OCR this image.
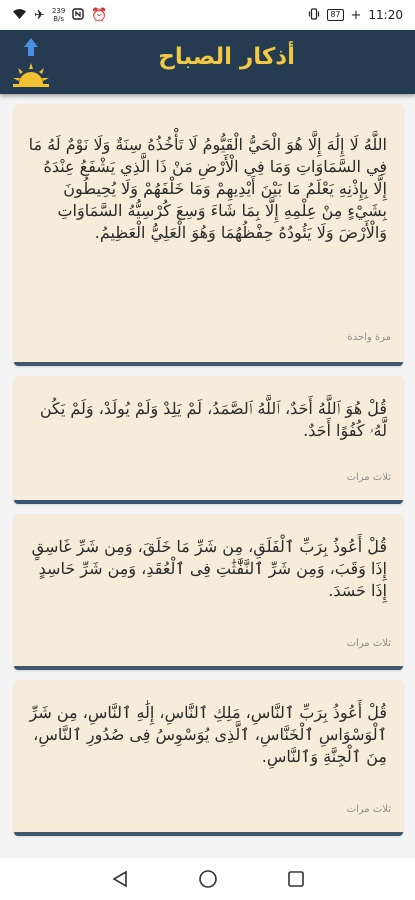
✈ 239
B/s ⏰	87 + 11:20
أذكار الصباح
اللَّهُ لَا إِلَٰهَ إِلَّا هُوَ الْحَيُّ الْقَيُّومُ لَا تَأْخُذُهُ سِنَةٌ وَلَا نَوْمٌ لَهُ مَا فِي السَّمَاوَاتِ وَمَا فِي الْأَرْضِ مَنْ ذَا الَّذِي يَشْفَعُ عِنْدَهُ إِلَّا بِإِذْنِهِ يَعْلَمُ مَا بَيْنَ أَيْدِيهِمْ وَمَا خَلْفَهُمْ وَلَا يُحِيطُونَ بِشَيْءٍ مِنْ عِلْمِهِ إِلَّا بِمَا شَاءَ وَسِعَ كُرْسِيُّهُ السَّمَاوَاتِ وَالْأَرْضَ وَلَا يَئُودُهُ حِفْظُهُمَا وَهُوَ الْعَلِيُّ الْعَظِيمُ.
مرة واحدة
قُلْ هُوَ ٱللَّهُ أَحَدٌ، ٱللَّهُ ٱلصَّمَدُ، لَمْ يَلِدْ وَلَمْ يُولَدْ، وَلَمْ يَكُن لَّهُۥ كُفُوًا أَحَدٌ.
ثلاث مرات
قُلْ أَعُوذُ بِرَبِّ ٱلْفَلَقِ، مِن شَرِّ مَا خَلَقَ، وَمِن شَرِّ غَاسِقٍ إِذَا وَقَبَ، وَمِن شَرِّ ٱلنَّفَّٰثَٰتِ فِى ٱلْعُقَدِ، وَمِن شَرِّ حَاسِدٍ إِذَا حَسَدَ.
ثلاث مرات
قُلْ أَعُوذُ بِرَبِّ ٱلنَّاسِ، مَلِكِ ٱلنَّاسِ، إِلَٰهِ ٱلنَّاسِ، مِن شَرِّ ٱلْوَسْوَاسِ ٱلْخَنَّاسِ، ٱلَّذِى يُوَسْوِسُ فِى صُدُورِ ٱلنَّاسِ، مِنَ ٱلْجِنَّةِ وَٱلنَّاسِ.
ثلاث مرات
